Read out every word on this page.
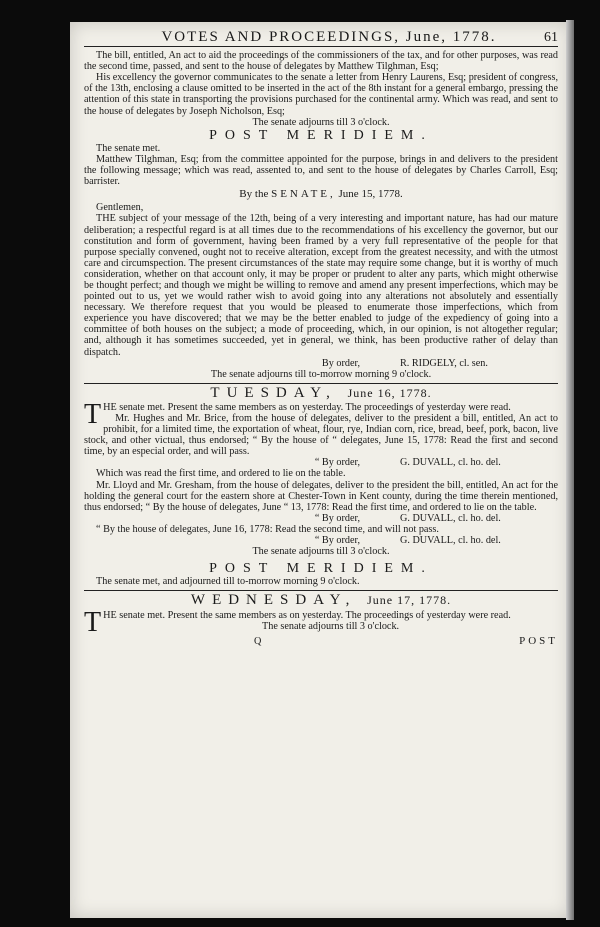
VOTES AND PROCEEDINGS, June, 1778.	61

The bill, entitled, An act to aid the proceedings of the commissioners of the tax, and for other purposes, was read the second time, passed, and sent to the house of delegates by Matthew Tilghman, Esq;

His excellency the governor communicates to the senate a letter from Henry Laurens, Esq; president of congress, of the 13th, enclosing a clause omitted to be inserted in the act of the 8th instant for a general embargo, pressing the attention of this state in transporting the provisions purchased for the continental army. Which was read, and sent to the house of delegates by Joseph Nicholson, Esq;

The senate adjourns till 3 o'clock.

POST MERIDIEM.

The senate met.

Matthew Tilghman, Esq; from the committee appointed for the purpose, brings in and delivers to the president the following message; which was read, assented to, and sent to the house of delegates by Charles Carroll, Esq; barrister.

By the SENATE, June 15, 1778.

Gentlemen,

THE subject of your message of the 12th, being of a very interesting and important nature, has had our mature deliberation; a respectful regard is at all times due to the recommendations of his excellency the governor, but our constitution and form of government, having been framed by a very full representative of the people for that purpose specially convened, ought not to receive alteration, except from the greatest necessity, and with the utmost care and circumspection. The present circumstances of the state may require some change, but it is worthy of much consideration, whether on that account only, it may be proper or prudent to alter any parts, which might otherwise be thought perfect; and though we might be willing to remove and amend any present imperfections, which may be pointed out to us, yet we would rather wish to avoid going into any alterations not absolutely and essentially necessary. We therefore request that you would be pleased to enumerate those imperfections, which from experience you have discovered; that we may be the better enabled to judge of the expediency of going into a committee of both houses on the subject; a mode of proceeding, which, in our opinion, is not altogether regular; and, although it has sometimes succeeded, yet in general, we think, has been productive rather of delay than dispatch.

By order,	R. RIDGELY, cl. sen.

The senate adjourns till to-morrow morning 9 o'clock.

TUESDAY, June 16, 1778.

THE senate met. Present the same members as on yesterday. The proceedings of yesterday were read.

Mr. Hughes and Mr. Brice, from the house of delegates, deliver to the president a bill, entitled, An act to prohibit, for a limited time, the exportation of wheat, flour, rye, Indian corn, rice, bread, beef, pork, bacon, live stock, and other victual, thus endorsed; “ By the house of “ delegates, June 15, 1778: Read the first and second time, by an especial order, and will pass.

“ By order,	G. DUVALL, cl. ho. del.

Which was read the first time, and ordered to lie on the table.

Mr. Lloyd and Mr. Gresham, from the house of delegates, deliver to the president the bill, entitled, An act for the holding the general court for the eastern shore at Chester-Town in Kent county, during the time therein mentioned, thus endorsed; “ By the house of delegates, June “ 13, 1778: Read the first time, and ordered to lie on the table.

“ By order,	G. DUVALL, cl. ho. del.

“ By the house of delegates, June 16, 1778: Read the second time, and will not pass.

“ By order,	G. DUVALL, cl. ho. del.

The senate adjourns till 3 o'clock.

POST MERIDIEM.

The senate met, and adjourned till to-morrow morning 9 o'clock.

WEDNESDAY, June 17, 1778.

THE senate met. Present the same members as on yesterday. The proceedings of yesterday were read.

The senate adjourns till 3 o'clock.

Q	POST
